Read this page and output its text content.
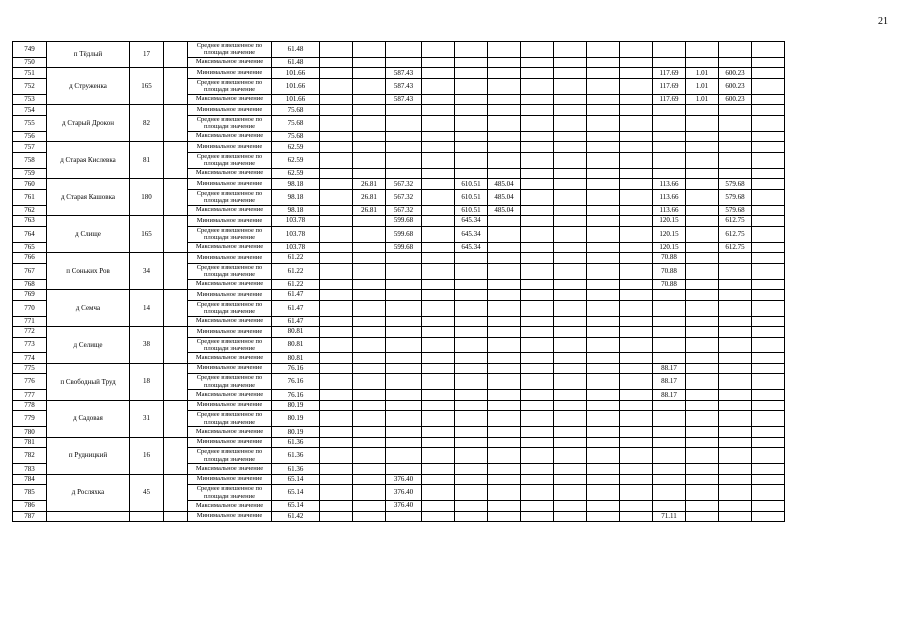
21
749	п Тёдлый	17		Среднее взвешенное по площади значение	61.48														
750				Максимальное значение	61.48														
751	д Струженка	165		Минимальное значение	101.66			587.43								117.69	1.01	600.23	
752				Среднее взвешенное по площади значение	101.66			587.43								117.69	1.01	600.23	
753				Максимальное значение	101.66			587.43								117.69	1.01	600.23	
754	д Старый Дрокон	82		Минимальное значение	75.68														
755				Среднее взвешенное по площади значение	75.68														
756				Максимальное значение	75.68														
757	д Старая Кислевка	81		Минимальное значение	62.59														
758				Среднее взвешенное по площади значение	62.59														
759				Максимальное значение	62.59														
760	д Старая Кашовка	180		Минимальное значение	98.18		26.81	567.32		610.51	485.04					113.66		579.68	
761				Среднее взвешенное по площади значение	98.18		26.81	567.32		610.51	485.04					113.66		579.68	
762				Максимальное значение	98.18		26.81	567.32		610.51	485.04					113.66		579.68	
763	д Слище	165		Минимальное значение	103.78			599.68		645.34						120.15		612.75	
764				Среднее взвешенное по площади значение	103.78			599.68		645.34						120.15		612.75	
765				Максимальное значение	103.78			599.68		645.34						120.15		612.75	
766	п Соньких Ров	34		Минимальное значение	61.22											70.88			
767				Среднее взвешенное по площади значение	61.22											70.88			
768				Максимальное значение	61.22											70.88			
769	д Семча	14		Минимальное значение	61.47														
770				Среднее взвешенное по площади значение	61.47														
771				Максимальное значение	61.47														
772	д Селище	38		Минимальное значение	80.81														
773				Среднее взвешенное по площади значение	80.81														
774				Максимальное значение	80.81														
775	п Свободный Труд	18		Минимальное значение	76.16											88.17			
776				Среднее взвешенное по площади значение	76.16											88.17			
777				Максимальное значение	76.16											88.17			
778	д Садовая	31		Минимальное значение	80.19														
779				Среднее взвешенное по площади значение	80.19														
780				Максимальное значение	80.19														
781	п Рудницкий	16		Минимальное значение	61.36														
782				Среднее взвешенное по площади значение	61.36														
783				Максимальное значение	61.36														
784	д Росляхка	45		Минимальное значение	65.14			376.40											
785				Среднее взвешенное по площади значение	65.14			376.40											
786				Максимальное значение	65.14			376.40											
787				Минимальное значение	61.42											71.11			
